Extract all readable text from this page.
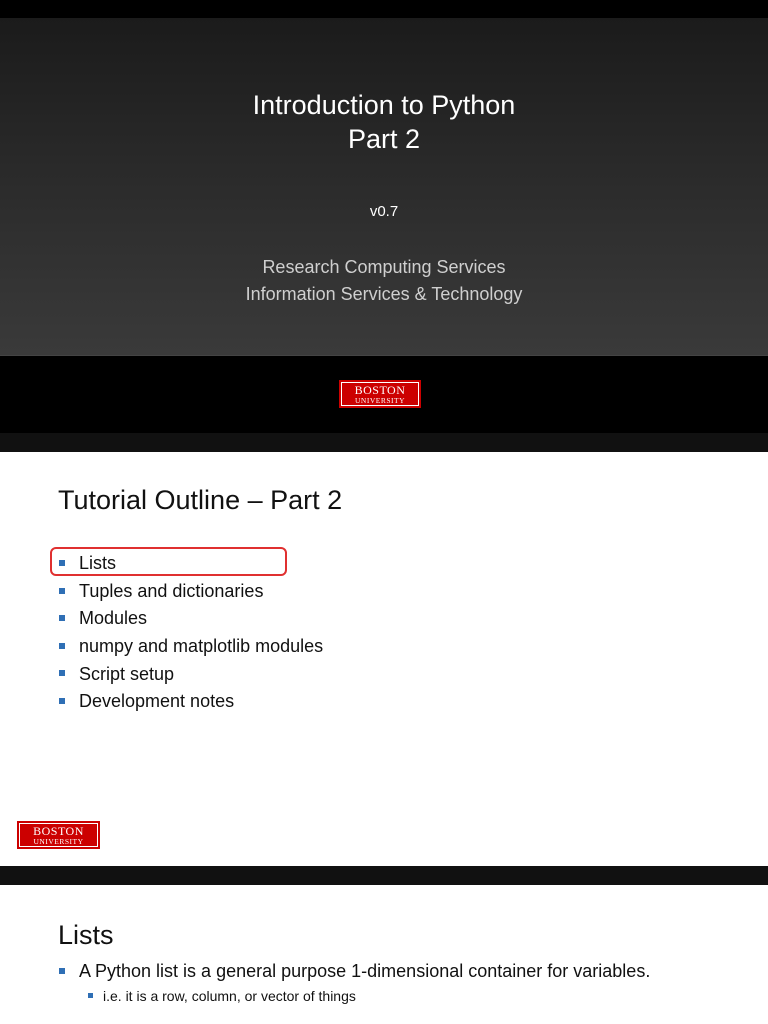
Introduction to Python
Part 2
v0.7
Research Computing Services
Information Services & Technology
BOSTON
UNIVERSITY
Tutorial Outline – Part 2
Lists
Tuples and dictionaries
Modules
numpy and matplotlib modules
Script setup
Development notes
BOSTON
UNIVERSITY
Lists
A Python list is a general purpose 1-dimensional container for variables.
i.e. it is a row, column, or vector of things
